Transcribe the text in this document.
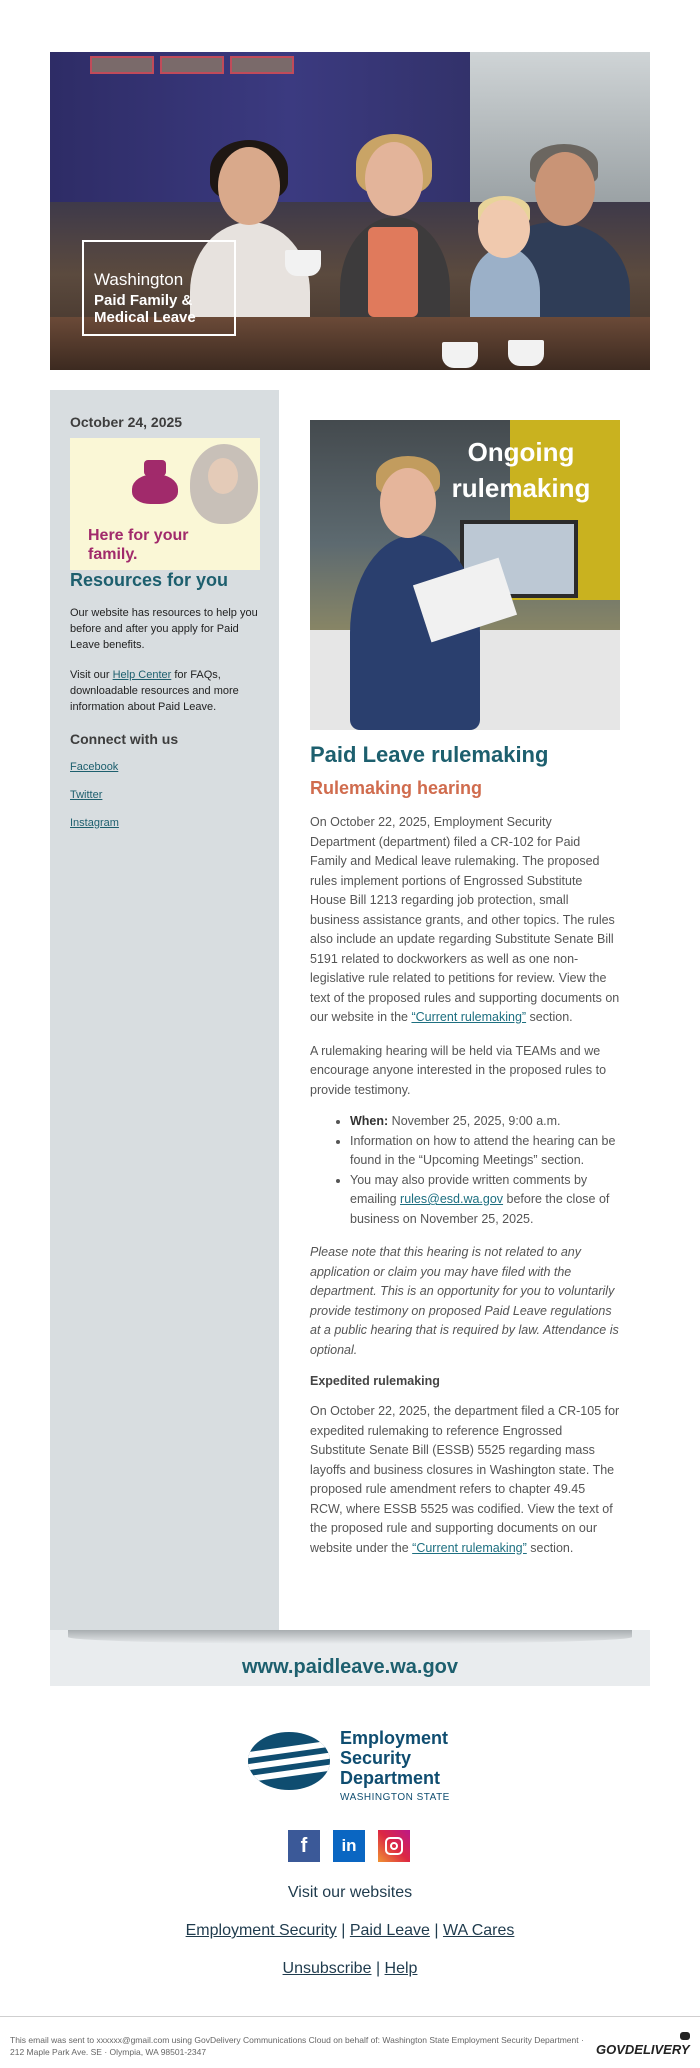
Washington
Paid Family & Medical Leave
October 24, 2025
Here for your family.
Resources for you

Our website has resources to help you before and after you apply for Paid Leave benefits.

Visit our Help Center for FAQs, downloadable resources and more information about Paid Leave.

Connect with us
Facebook
Twitter
Instagram
Ongoing rulemaking
Paid Leave rulemaking
Rulemaking hearing

On October 22, 2025, Employment Security Department (department) filed a CR-102 for Paid Family and Medical leave rulemaking. The proposed rules implement portions of Engrossed Substitute House Bill 1213 regarding job protection, small business assistance grants, and other topics. The rules also include an update regarding Substitute Senate Bill 5191 related to dockworkers as well as one non-legislative rule related to petitions for review. View the text of the proposed rules and supporting documents on our website in the “Current rulemaking” section.

A rulemaking hearing will be held via TEAMs and we encourage anyone interested in the proposed rules to provide testimony.

• When: November 25, 2025, 9:00 a.m.
• Information on how to attend the hearing can be found in the “Upcoming Meetings” section.
• You may also provide written comments by emailing rules@esd.wa.gov before the close of business on November 25, 2025.

Please note that this hearing is not related to any application or claim you may have filed with the department. This is an opportunity for you to voluntarily provide testimony on proposed Paid Leave regulations at a public hearing that is required by law. Attendance is optional.

Expedited rulemaking

On October 22, 2025, the department filed a CR-105 for expedited rulemaking to reference Engrossed Substitute Senate Bill (ESSB) 5525 regarding mass layoffs and business closures in Washington state. The proposed rule amendment refers to chapter 49.45 RCW, where ESSB 5525 was codified. View the text of the proposed rule and supporting documents on our website under the “Current rulemaking” section.

www.paidleave.wa.gov
Employment
Security
Department
WASHINGTON STATE
f	in
Visit our websites
Employment Security | Paid Leave | WA Cares
Unsubscribe | Help
This email was sent to xxxxxx@gmail.com using GovDelivery Communications Cloud on behalf of: Washington State Employment Security Department · 212 Maple Park Ave. SE · Olympia, WA 98501-2347	GOVDELIVERY
